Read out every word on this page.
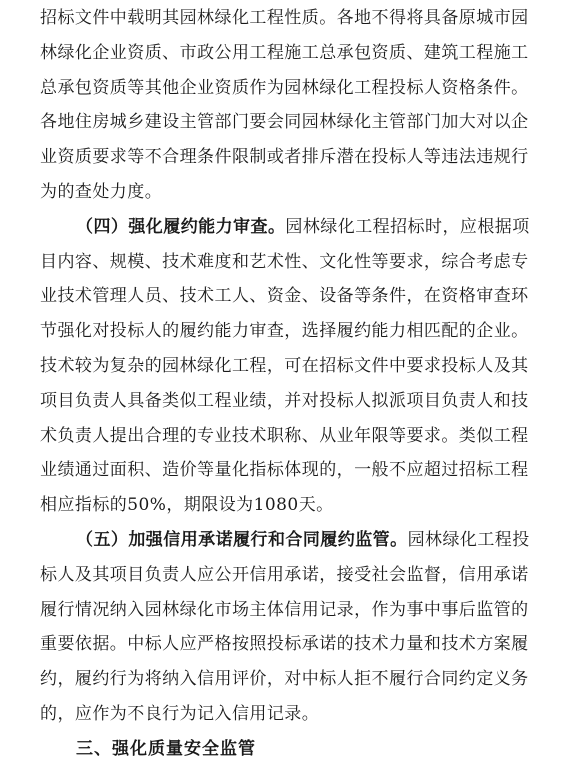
招标文件中载明其园林绿化工程性质。各地不得将具备原城市园
林绿化企业资质、市政公用工程施工总承包资质、建筑工程施工
总承包资质等其他企业资质作为园林绿化工程投标人资格条件。
各地住房城乡建设主管部门要会同园林绿化主管部门加大对以企
业资质要求等不合理条件限制或者排斥潜在投标人等违法违规行
为的查处力度。
（四）强化履约能力审查。园林绿化工程招标时，应根据项
目内容、规模、技术难度和艺术性、文化性等要求，综合考虑专
业技术管理人员、技术工人、资金、设备等条件，在资格审查环
节强化对投标人的履约能力审查，选择履约能力相匹配的企业。
技术较为复杂的园林绿化工程，可在招标文件中要求投标人及其
项目负责人具备类似工程业绩，并对投标人拟派项目负责人和技
术负责人提出合理的专业技术职称、从业年限等要求。类似工程
业绩通过面积、造价等量化指标体现的，一般不应超过招标工程
相应指标的50%，期限设为1080天。
（五）加强信用承诺履行和合同履约监管。园林绿化工程投
标人及其项目负责人应公开信用承诺，接受社会监督，信用承诺
履行情况纳入园林绿化市场主体信用记录，作为事中事后监管的
重要依据。中标人应严格按照投标承诺的技术力量和技术方案履
约，履约行为将纳入信用评价，对中标人拒不履行合同约定义务
的，应作为不良行为记入信用记录。
三、强化质量安全监管
